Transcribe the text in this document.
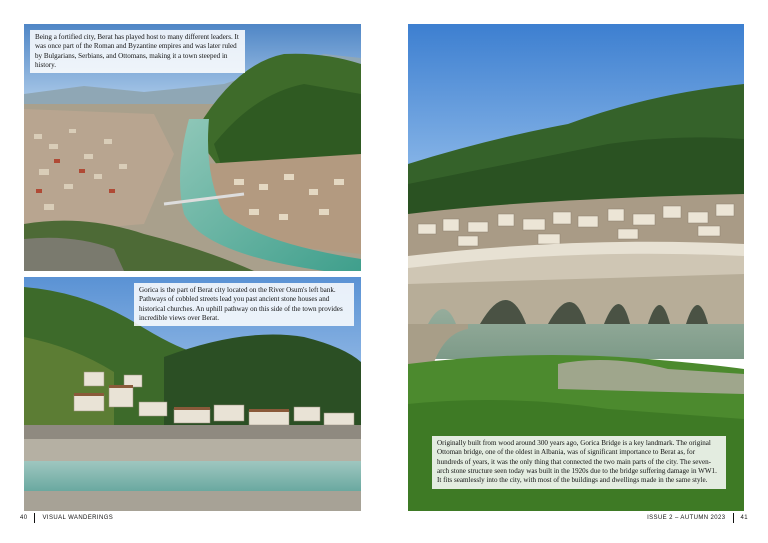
Being a fortified city, Berat has played host to many different leaders. It was once part of the Roman and Byzantine empires and was later ruled by Bulgarians, Serbians, and Ottomans, making it a town steeped in history.
Gorica is the part of Berat city located on the River Osum's left bank. Pathways of cobbled streets lead you past ancient stone houses and historical churches. An uphill pathway on this side of the town provides incredible views over Berat.
40	VISUAL WANDERINGS
Originally built from wood around 300 years ago, Gorica Bridge is a key landmark. The original Ottoman bridge, one of the oldest in Albania, was of significant importance to Berat as, for hundreds of years, it was the only thing that connected the two main parts of the city. The seven-arch stone structure seen today was built in the 1920s due to the bridge suffering damage in WW1. It fits seamlessly into the city, with most of the buildings and dwellings made in the same style.
ISSUE 2 – AUTUMN 2023	41
